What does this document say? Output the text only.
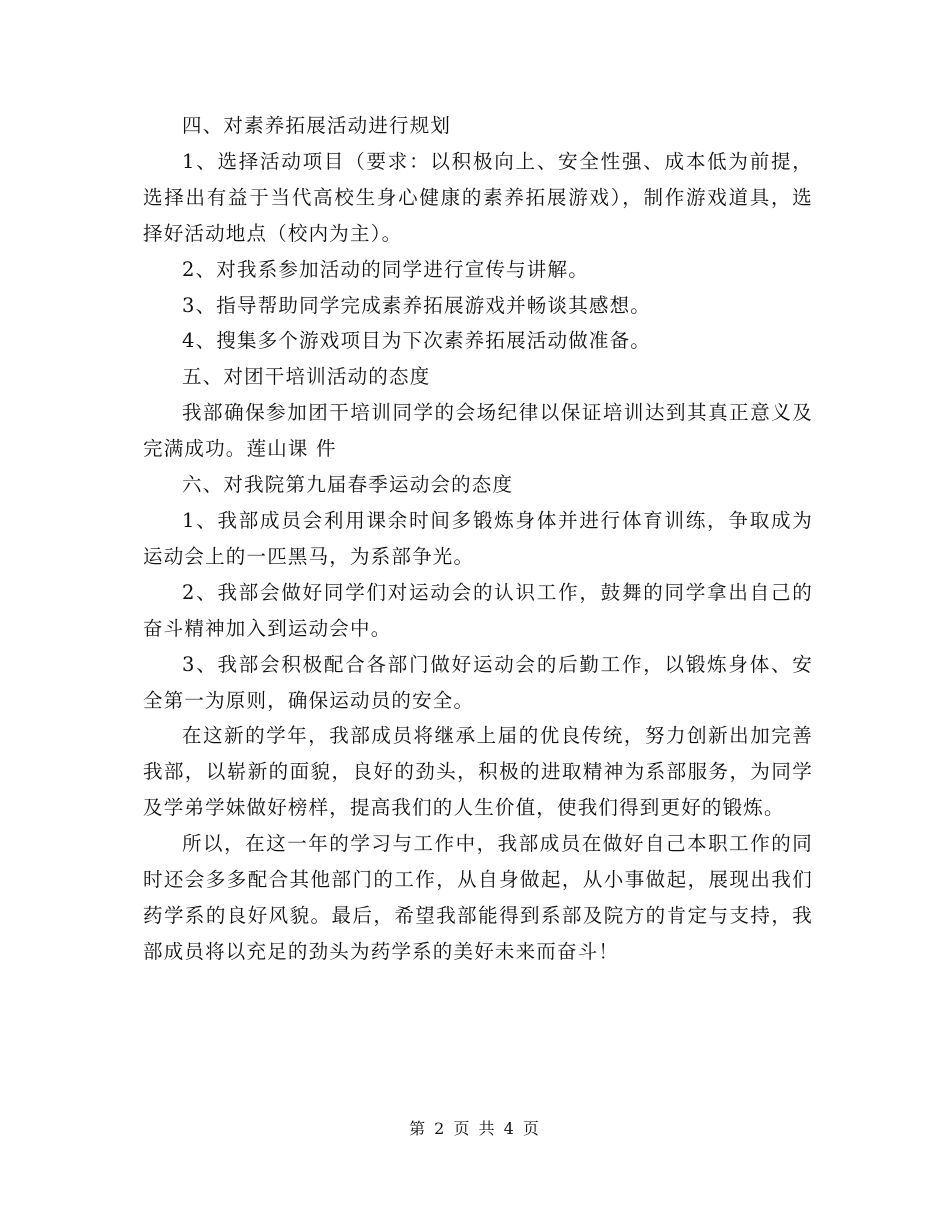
四、对素养拓展活动进行规划

1、选择活动项目（要求：以积极向上、安全性强、成本低为前提，选择出有益于当代高校生身心健康的素养拓展游戏），制作游戏道具，选择好活动地点（校内为主）。

2、对我系参加活动的同学进行宣传与讲解。

3、指导帮助同学完成素养拓展游戏并畅谈其感想。

4、搜集多个游戏项目为下次素养拓展活动做准备。

五、对团干培训活动的态度

我部确保参加团干培训同学的会场纪律以保证培训达到其真正意义及完满成功。莲山课 件

六、对我院第九届春季运动会的态度

1、我部成员会利用课余时间多锻炼身体并进行体育训练，争取成为运动会上的一匹黑马，为系部争光。

2、我部会做好同学们对运动会的认识工作，鼓舞的同学拿出自己的奋斗精神加入到运动会中。

3、我部会积极配合各部门做好运动会的后勤工作，以锻炼身体、安全第一为原则，确保运动员的安全。

在这新的学年，我部成员将继承上届的优良传统，努力创新出加完善我部，以崭新的面貌，良好的劲头，积极的进取精神为系部服务，为同学及学弟学妹做好榜样，提高我们的人生价值，使我们得到更好的锻炼。

所以，在这一年的学习与工作中，我部成员在做好自己本职工作的同时还会多多配合其他部门的工作，从自身做起，从小事做起，展现出我们药学系的良好风貌。最后，希望我部能得到系部及院方的肯定与支持，我部成员将以充足的劲头为药学系的美好未来而奋斗！

第 2 页 共 4 页
